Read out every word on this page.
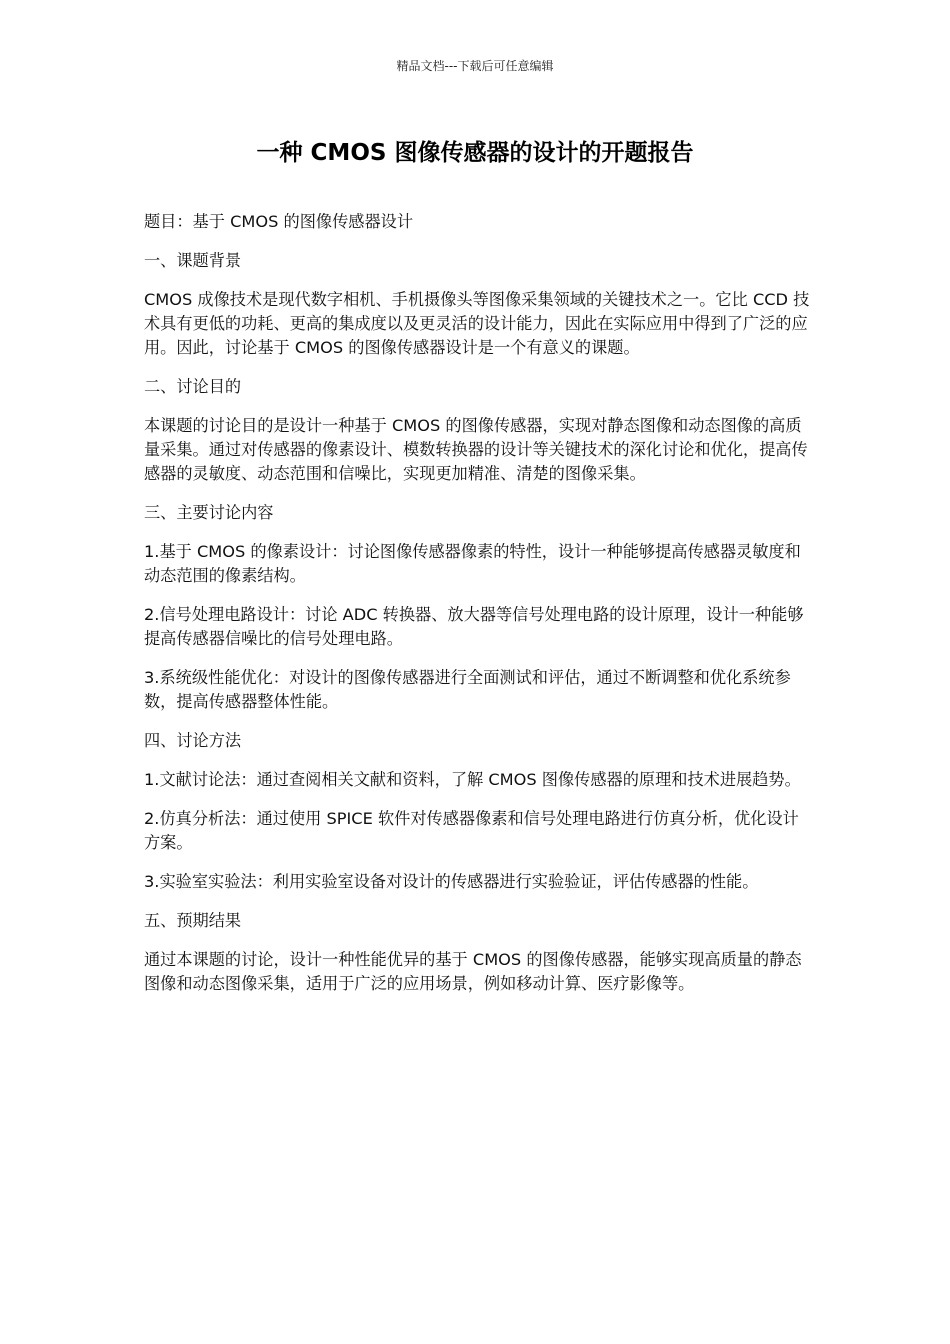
精品文档---下载后可任意编辑
一种 CMOS 图像传感器的设计的开题报告

题目：基于 CMOS 的图像传感器设计

一、课题背景

CMOS 成像技术是现代数字相机、手机摄像头等图像采集领域的关键技术之一。它比 CCD 技术具有更低的功耗、更高的集成度以及更灵活的设计能力，因此在实际应用中得到了广泛的应用。因此，讨论基于 CMOS 的图像传感器设计是一个有意义的课题。

二、讨论目的

本课题的讨论目的是设计一种基于 CMOS 的图像传感器，实现对静态图像和动态图像的高质量采集。通过对传感器的像素设计、模数转换器的设计等关键技术的深化讨论和优化，提高传感器的灵敏度、动态范围和信噪比，实现更加精准、清楚的图像采集。

三、主要讨论内容

1.基于 CMOS 的像素设计：讨论图像传感器像素的特性，设计一种能够提高传感器灵敏度和动态范围的像素结构。

2.信号处理电路设计：讨论 ADC 转换器、放大器等信号处理电路的设计原理，设计一种能够提高传感器信噪比的信号处理电路。

3.系统级性能优化：对设计的图像传感器进行全面测试和评估，通过不断调整和优化系统参数，提高传感器整体性能。

四、讨论方法

1.文献讨论法：通过查阅相关文献和资料，了解 CMOS 图像传感器的原理和技术进展趋势。

2.仿真分析法：通过使用 SPICE 软件对传感器像素和信号处理电路进行仿真分析，优化设计方案。

3.实验室实验法：利用实验室设备对设计的传感器进行实验验证，评估传感器的性能。

五、预期结果

通过本课题的讨论，设计一种性能优异的基于 CMOS 的图像传感器，能够实现高质量的静态图像和动态图像采集，适用于广泛的应用场景，例如移动计算、医疗影像等。
